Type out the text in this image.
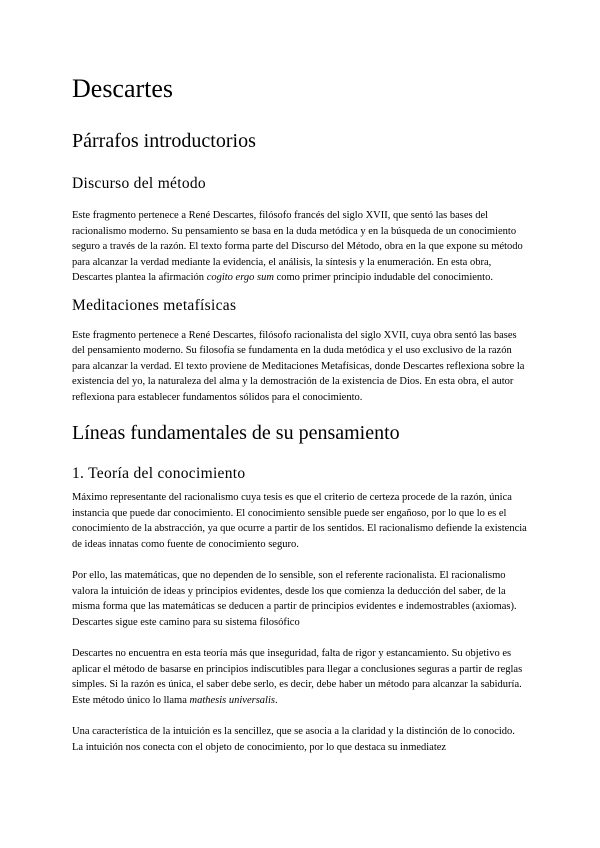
Descartes
Párrafos introductorios
Discurso del método

Este fragmento pertenece a René Descartes, filósofo francés del siglo XVII, que sentó las bases del racionalismo moderno. Su pensamiento se basa en la duda metódica y en la búsqueda de un conocimiento seguro a través de la razón. El texto forma parte del Discurso del Método, obra en la que expone su método para alcanzar la verdad mediante la evidencia, el análisis, la síntesis y la enumeración. En esta obra, Descartes plantea la afirmación cogito ergo sum como primer principio indudable del conocimiento.

Meditaciones metafísicas

Este fragmento pertenece a René Descartes, filósofo racionalista del siglo XVII, cuya obra sentó las bases del pensamiento moderno. Su filosofía se fundamenta en la duda metódica y el uso exclusivo de la razón para alcanzar la verdad. El texto proviene de Meditaciones Metafísicas, donde Descartes reflexiona sobre la existencia del yo, la naturaleza del alma y la demostración de la existencia de Dios. En esta obra, el autor reflexiona para establecer fundamentos sólidos para el conocimiento.

Líneas fundamentales de su pensamiento
1. Teoría del conocimiento

Máximo representante del racionalismo cuya tesis es que el criterio de certeza procede de la razón, única instancia que puede dar conocimiento. El conocimiento sensible puede ser engañoso, por lo que lo es el conocimiento de la abstracción, ya que ocurre a partir de los sentidos. El racionalismo defiende la existencia de ideas innatas como fuente de conocimiento seguro.

Por ello, las matemáticas, que no dependen de lo sensible, son el referente racionalista. El racionalismo valora la intuición de ideas y principios evidentes, desde los que comienza la deducción del saber, de la misma forma que las matemáticas se deducen a partir de principios evidentes e indemostrables (axiomas). Descartes sigue este camino para su sistema filosófico

Descartes no encuentra en esta teoría más que inseguridad, falta de rigor y estancamiento. Su objetivo es aplicar el método de basarse en principios indiscutibles para llegar a conclusiones seguras a partir de reglas simples. Si la razón es única, el saber debe serlo, es decir, debe haber un método para alcanzar la sabiduría. Este método único lo llama mathesis universalis.

Una característica de la intuición es la sencillez, que se asocia a la claridad y la distinción de lo conocido. La intuición nos conecta con el objeto de conocimiento, por lo que destaca su inmediatez
